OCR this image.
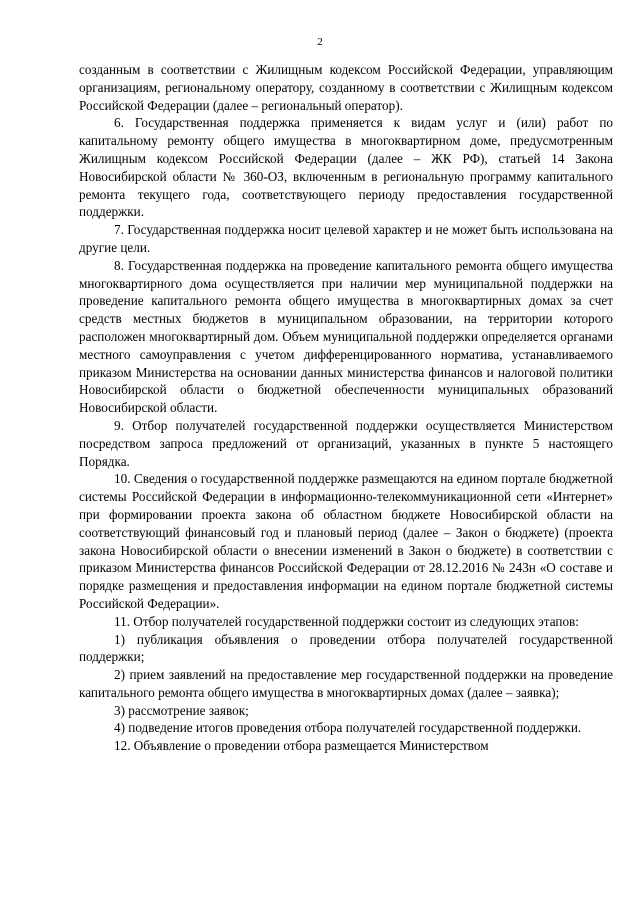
2

созданным в соответствии с Жилищным кодексом Российской Федерации, управляющим организациям, региональному оператору, созданному в соответствии с Жилищным кодексом Российской Федерации (далее – региональный оператор).

6. Государственная поддержка применяется к видам услуг и (или) работ по капитальному ремонту общего имущества в многоквартирном доме, предусмотренным Жилищным кодексом Российской Федерации (далее – ЖК РФ), статьей 14 Закона Новосибирской области № 360-ОЗ, включенным в региональную программу капитального ремонта текущего года, соответствующего периоду предоставления государственной поддержки.

7. Государственная поддержка носит целевой характер и не может быть использована на другие цели.

8. Государственная поддержка на проведение капитального ремонта общего имущества многоквартирного дома осуществляется при наличии мер муниципальной поддержки на проведение капитального ремонта общего имущества в многоквартирных домах за счет средств местных бюджетов в муниципальном образовании, на территории которого расположен многоквартирный дом. Объем муниципальной поддержки определяется органами местного самоуправления с учетом дифференцированного норматива, устанавливаемого приказом Министерства на основании данных министерства финансов и налоговой политики Новосибирской области о бюджетной обеспеченности муниципальных образований Новосибирской области.

9. Отбор получателей государственной поддержки осуществляется Министерством посредством запроса предложений от организаций, указанных в пункте 5 настоящего Порядка.

10. Сведения о государственной поддержке размещаются на едином портале бюджетной системы Российской Федерации в информационно-телекоммуникационной сети «Интернет» при формировании проекта закона об областном бюджете Новосибирской области на соответствующий финансовый год и плановый период (далее – Закон о бюджете) (проекта закона Новосибирской области о внесении изменений в Закон о бюджете) в соответствии с приказом Министерства финансов Российской Федерации от 28.12.2016 № 243н «О составе и порядке размещения и предоставления информации на едином портале бюджетной системы Российской Федерации».

11. Отбор получателей государственной поддержки состоит из следующих этапов:

1) публикация объявления о проведении отбора получателей государственной поддержки;

2) прием заявлений на предоставление мер государственной поддержки на проведение капитального ремонта общего имущества в многоквартирных домах (далее – заявка);

3) рассмотрение заявок;

4) подведение итогов проведения отбора получателей государственной поддержки.

12. Объявление о проведении отбора размещается Министерством
